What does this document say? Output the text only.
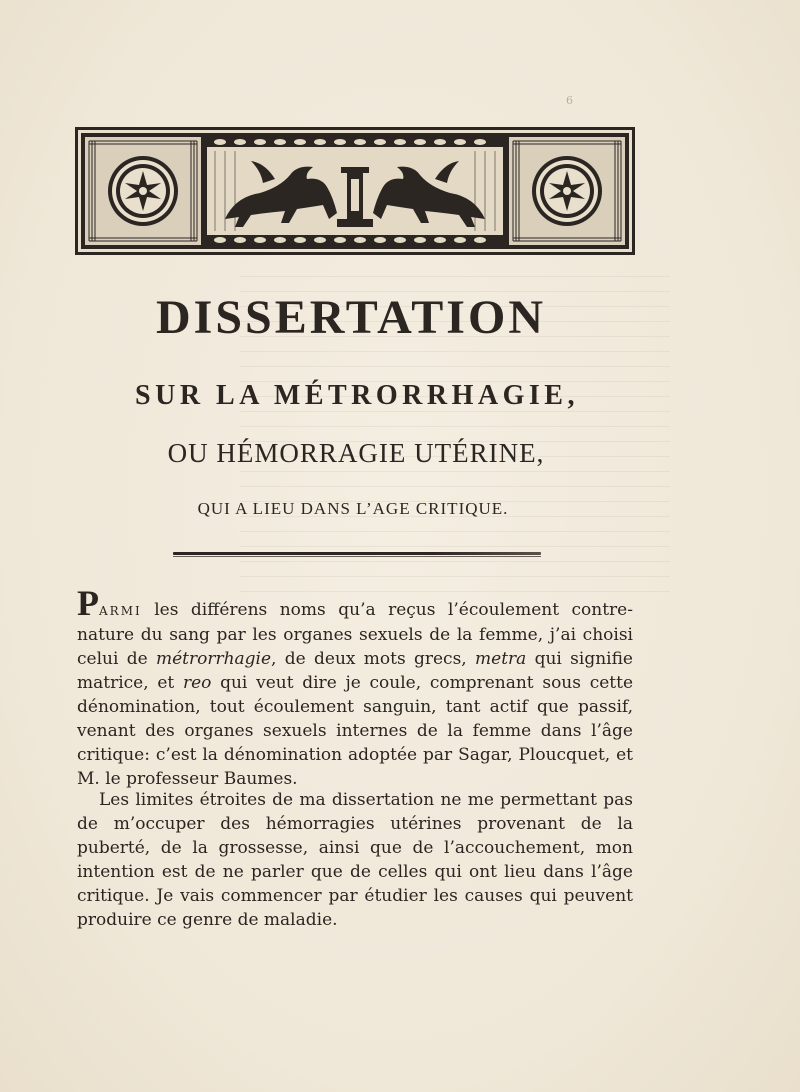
6
DISSERTATION
SUR LA MÉTRORRHAGIE,
OU HÉMORRAGIE UTÉRINE,
QUI A LIEU DANS L’AGE CRITIQUE.

PARMI les différens noms qu’a reçus l’écoulement contre-nature du sang par les organes sexuels de la femme, j’ai choisi celui de métrorrhagie, de deux mots grecs, metra qui signifie matrice, et reo qui veut dire je coule, comprenant sous cette dénomination, tout écoulement sanguin, tant actif que passif, venant des organes sexuels internes de la femme dans l’âge critique: c’est la dénomination adoptée par Sagar, Ploucquet, et M. le professeur Baumes.

Les limites étroites de ma dissertation ne me permettant pas de m’occuper des hémorragies utérines provenant de la puberté, de la grossesse, ainsi que de l’accouchement, mon intention est de ne parler que de celles qui ont lieu dans l’âge critique. Je vais commencer par étudier les causes qui peuvent produire ce genre de maladie.
